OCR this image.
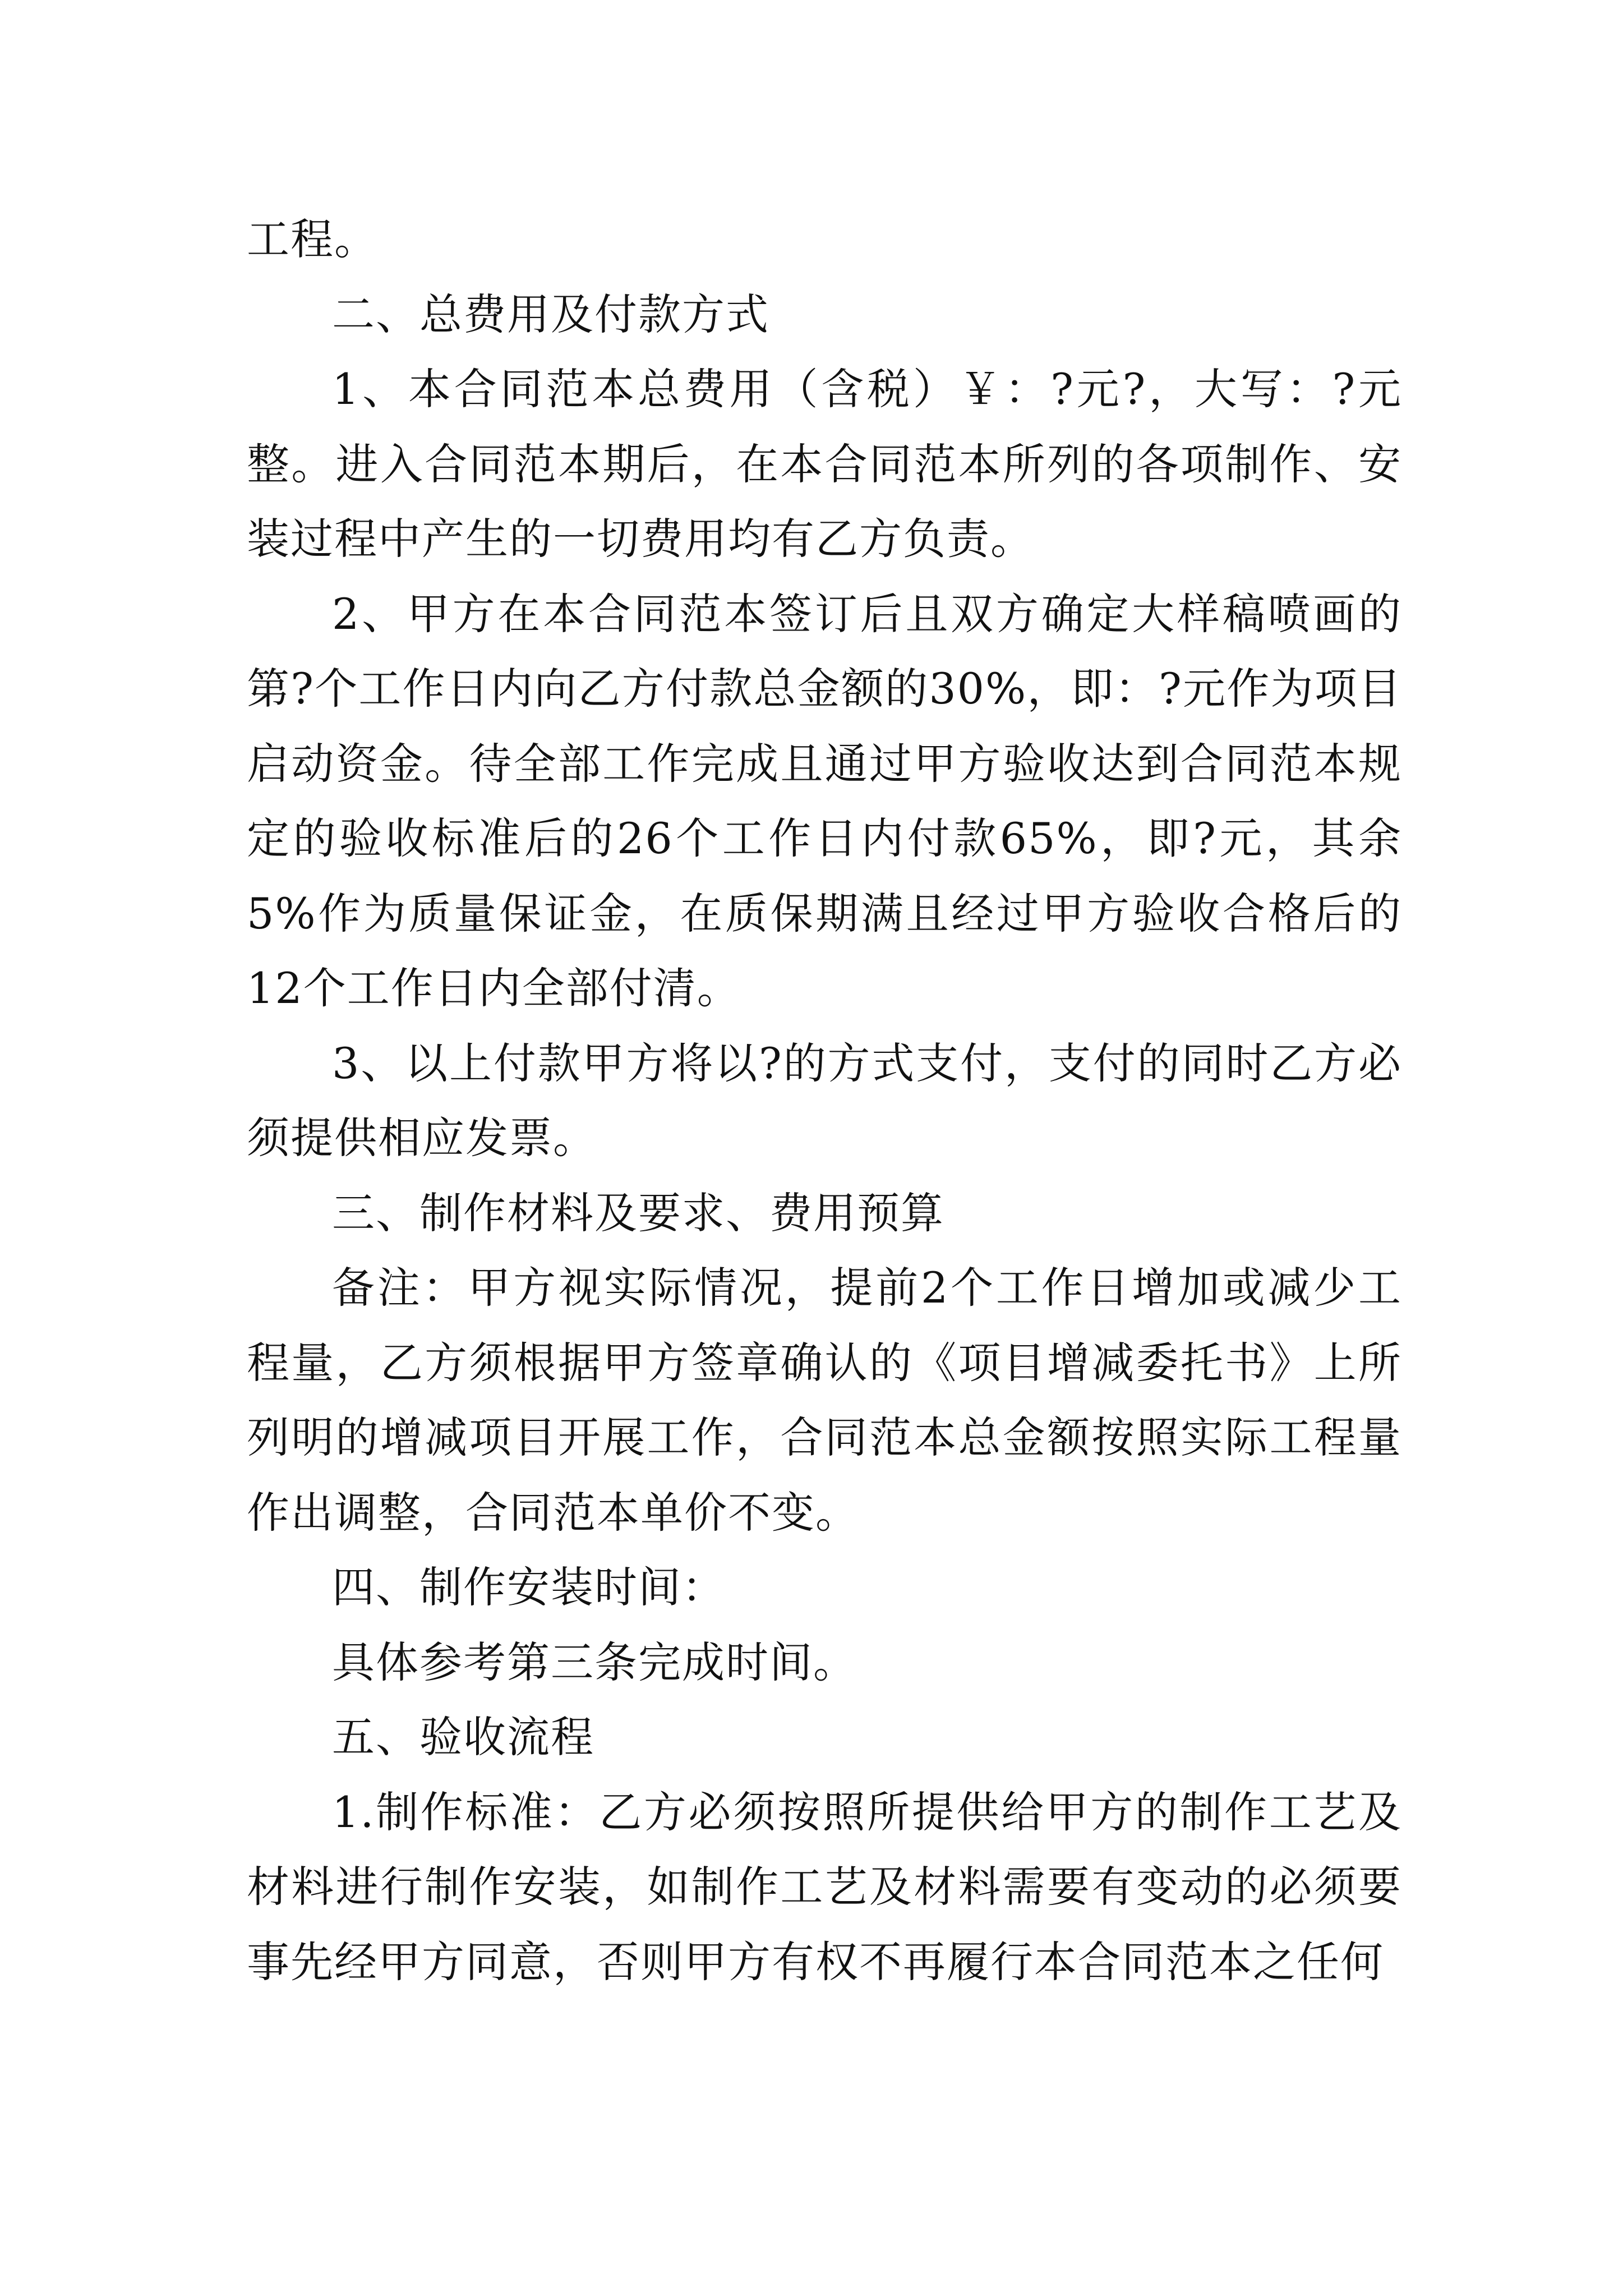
工程。

二、总费用及付款方式

1、本合同范本总费用（含税）￥：?元?，大写：?元整。进入合同范本期后，在本合同范本所列的各项制作、安装过程中产生的一切费用均有乙方负责。

2、甲方在本合同范本签订后且双方确定大样稿喷画的第?个工作日内向乙方付款总金额的30%，即：?元作为项目启动资金。待全部工作完成且通过甲方验收达到合同范本规定的验收标准后的26个工作日内付款65%，即?元，其余5%作为质量保证金，在质保期满且经过甲方验收合格后的12个工作日内全部付清。

3、以上付款甲方将以?的方式支付，支付的同时乙方必须提供相应发票。

三、制作材料及要求、费用预算

备注：甲方视实际情况，提前2个工作日增加或减少工程量，乙方须根据甲方签章确认的《项目增减委托书》上所列明的增减项目开展工作，合同范本总金额按照实际工程量作出调整，合同范本单价不变。

四、制作安装时间：

具体参考第三条完成时间。

五、验收流程

1.制作标准：乙方必须按照所提供给甲方的制作工艺及材料进行制作安装，如制作工艺及材料需要有变动的必须要事先经甲方同意，否则甲方有权不再履行本合同范本之任何
